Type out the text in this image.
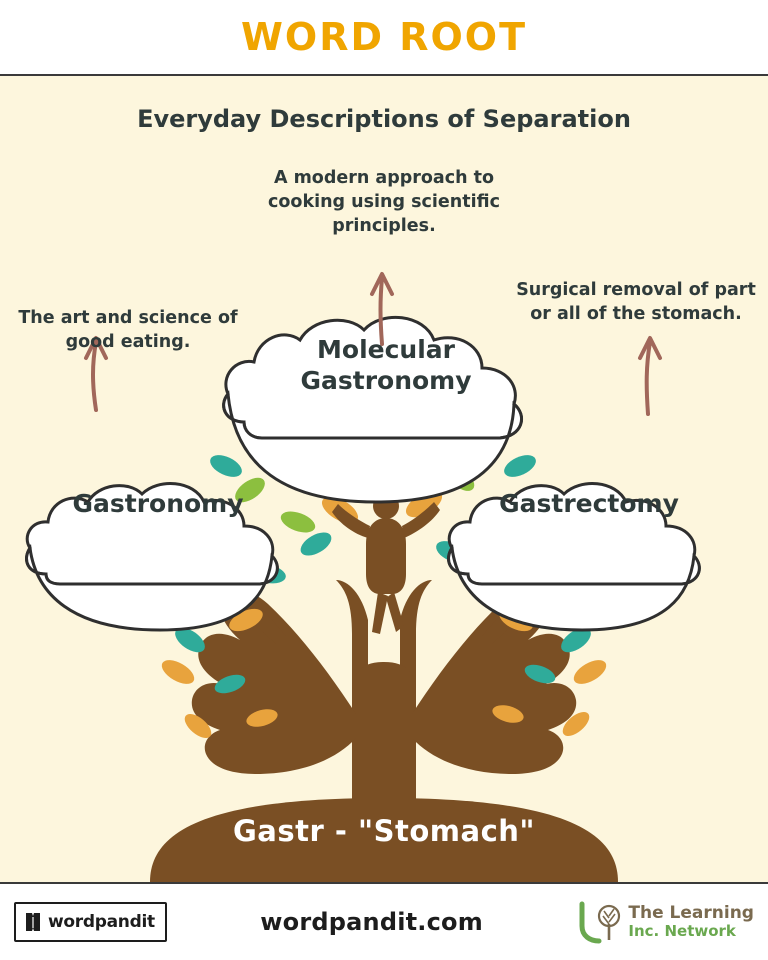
WORD ROOT
Everyday Descriptions of Separation
The art and science of good eating.
A modern approach to cooking using scientific principles.
Surgical removal of part or all of the stomach.
Gastronomy
Molecular Gastronomy
Gastrectomy
Gastr - "Stomach"
wordpandit	wordpandit.com	The Learning
Inc. Network
